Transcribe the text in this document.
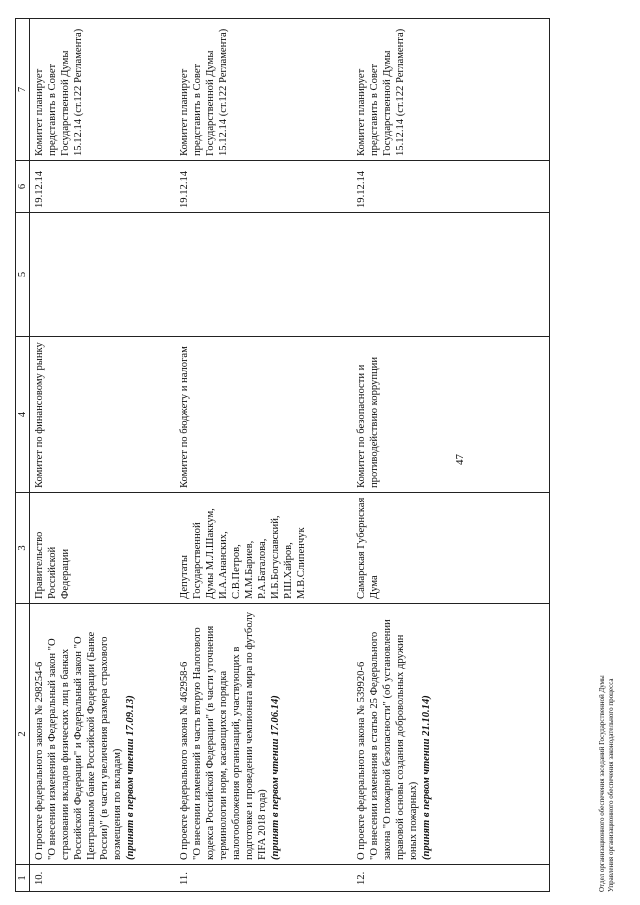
47
1	2	3	4	5	6	7
10.	О проекте федерального закона № 298254-6 "О внесении изменений в Федеральный закон "О страховании вкладов физических лиц в банках Российской Федерации" и Федеральный закон "О Центральном банке Российской Федерации (Банке России)" (в части увеличения размера страхового возмещения по вкладам) (принят в первом чтении 17.09.13)	Правительство Российской Федерации	Комитет по финансовому рынку		19.12.14	Комитет планирует представить в Совет Государственной Думы 15.12.14 (ст.122 Регламента)
11.	О проекте федерального закона № 462958-6 "О внесении изменений в часть вторую Налогового кодекса Российской Федерации" (в части уточнения терминологии норм, касающихся порядка налогообложения организаций, участвующих в подготовке и проведении чемпионата мира по футболу FIFA 2018 года) (принят в первом чтении 17.06.14)	Депутаты Государственной Думы М.Л.Шаккум, И.А.Ананских, С.В.Петров, М.М.Бариев, Р.А.Баталова, И.Б.Богуславский, Р.Ш.Хайров, М.В.Слипенчук	Комитет по бюджету и налогам		19.12.14	Комитет планирует представить в Совет Государственной Думы 15.12.14 (ст.122 Регламента)
12.	О проекте федерального закона № 539920-6 "О внесении изменения в статью 25 Федерального закона "О пожарной безопасности" (об установлении правовой основы создания добровольных дружин юных пожарных) (принят в первом чтении 21.10.14)	Самарская Губернская Дума	Комитет по безопасности и противодействию коррупции		19.12.14	Комитет планирует представить в Совет Государственной Думы 15.12.14 (ст.122 Регламента)
Отдел организационного обеспечения заседаний Государственной Думы Управления организационного обеспечения законодательного процесса
